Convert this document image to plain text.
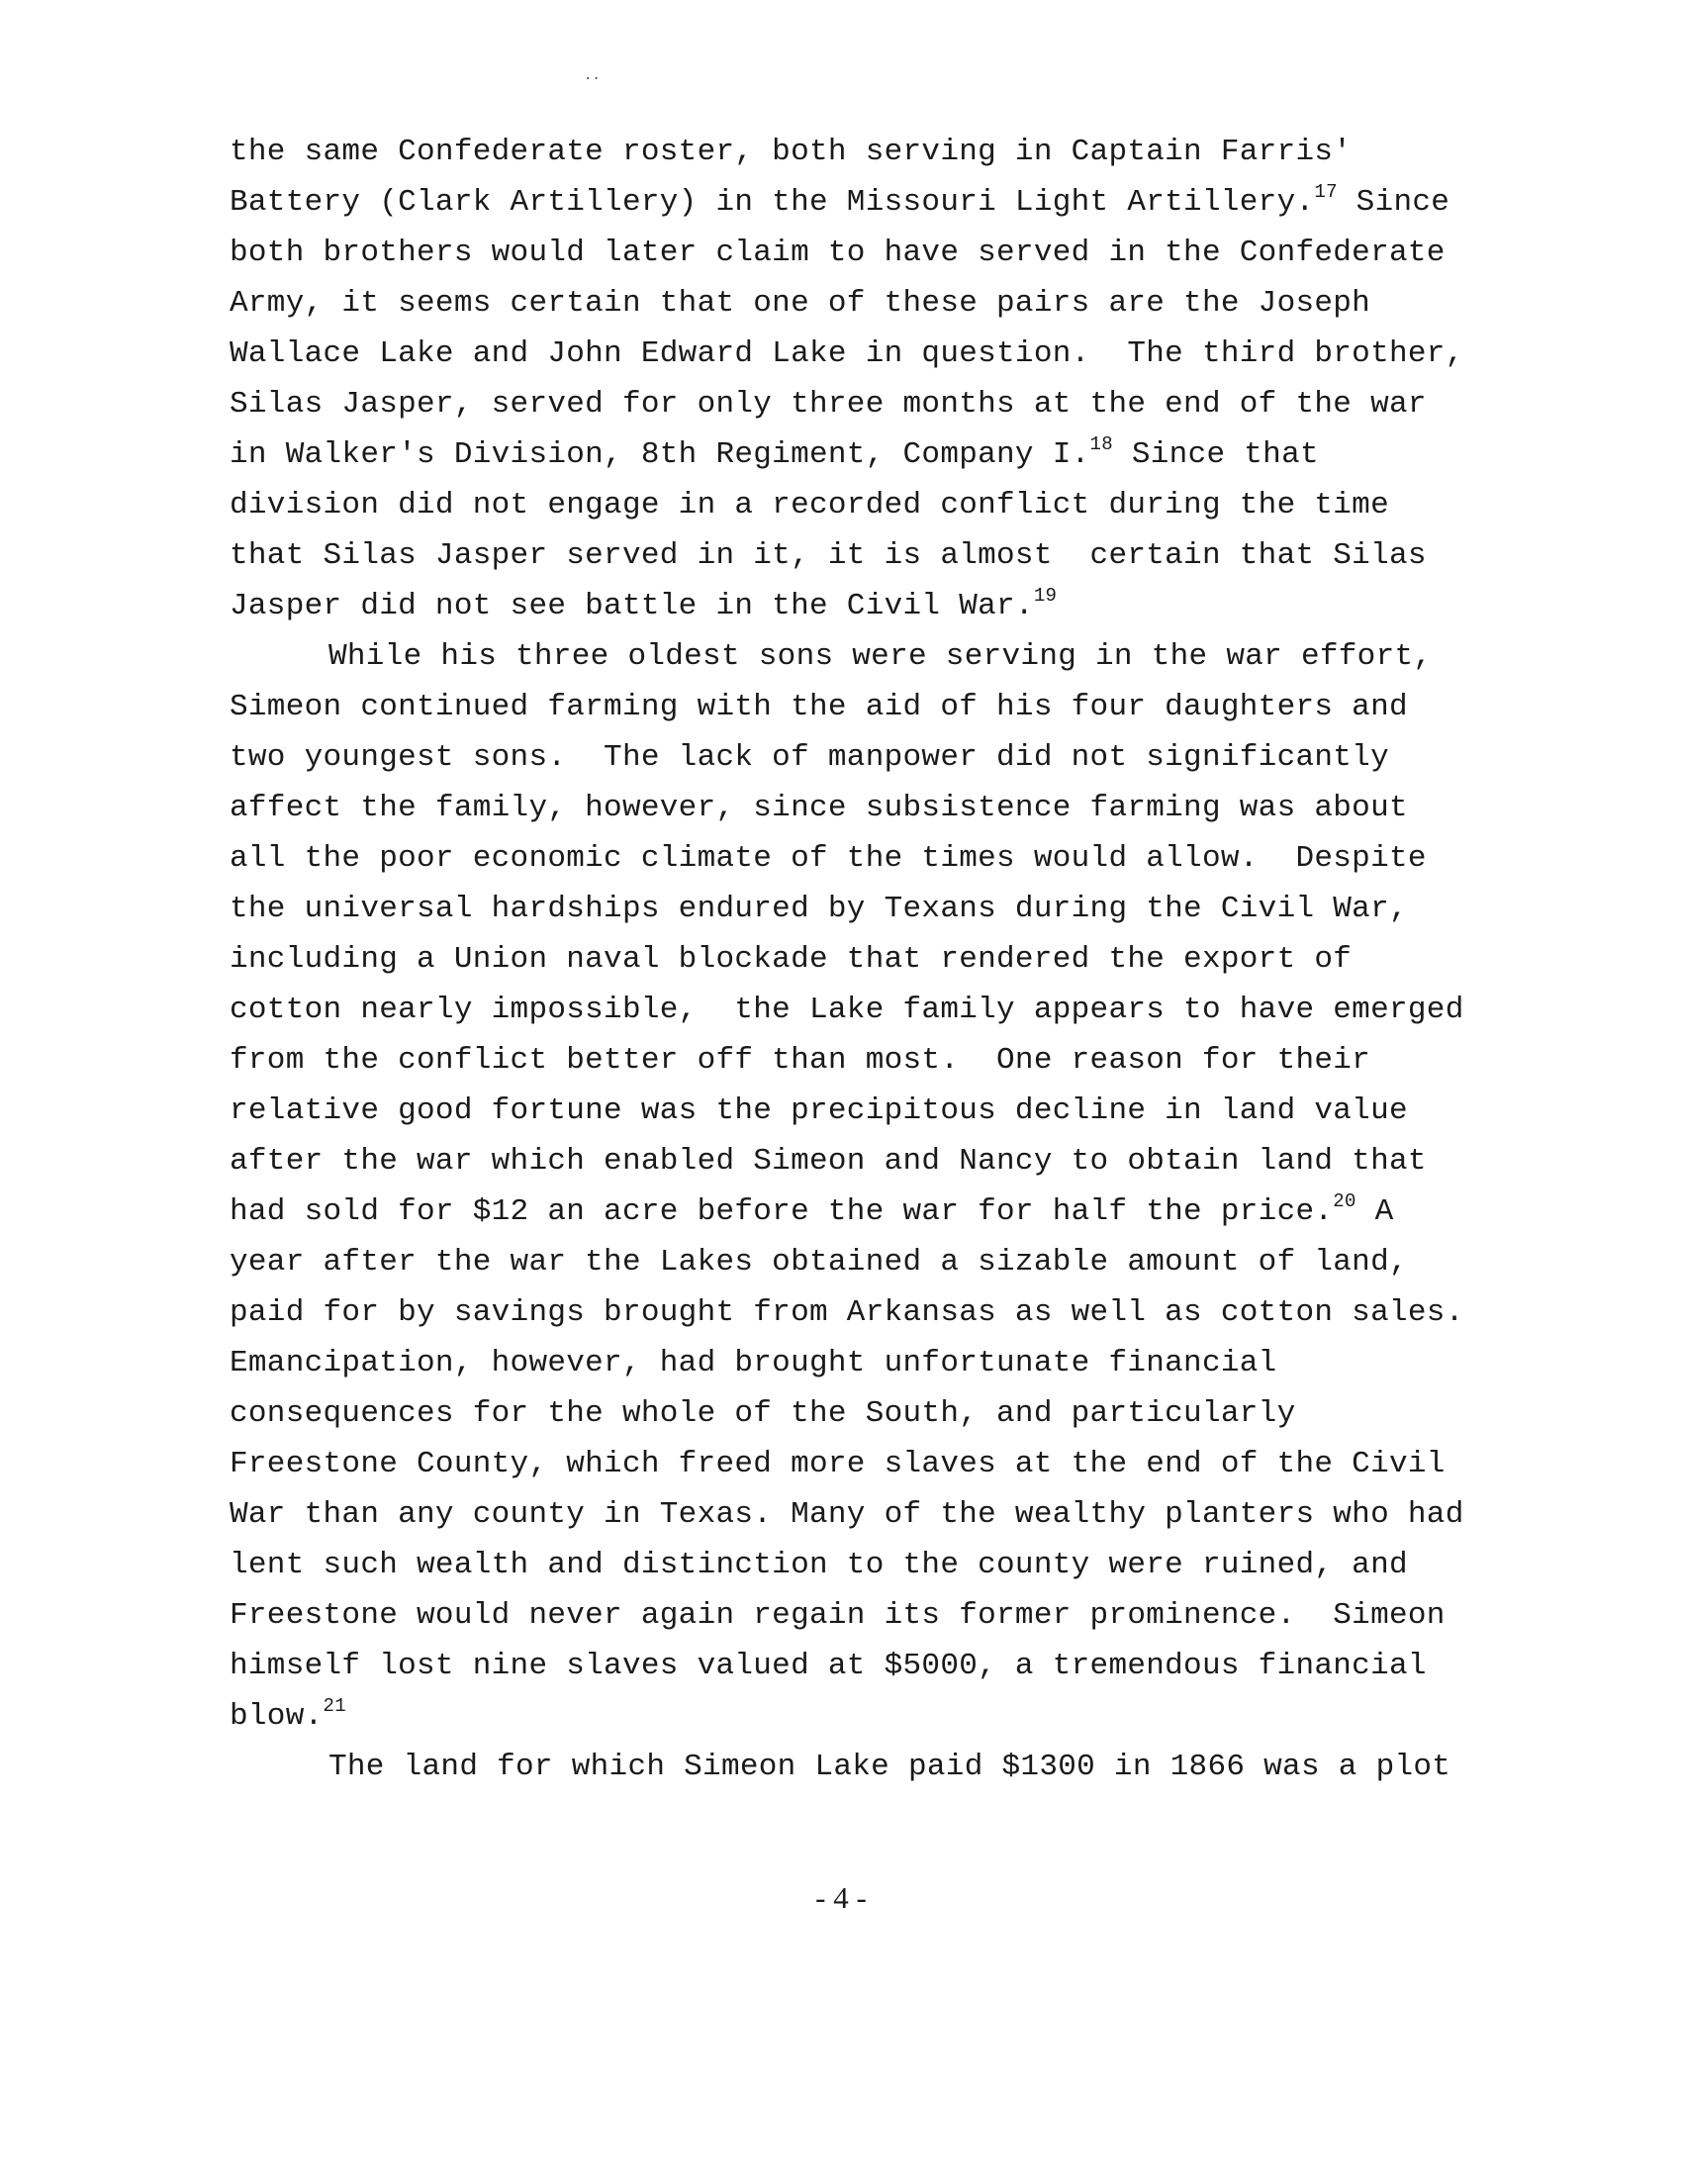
··
the same Confederate roster, both serving in Captain Farris'
Battery (Clark Artillery) in the Missouri Light Artillery.$^{17}$ Since
both brothers would later claim to have served in the Confederate
Army, it seems certain that one of these pairs are the Joseph
Wallace Lake and John Edward Lake in question.  The third brother,
Silas Jasper, served for only three months at the end of the war
in Walker's Division, 8th Regiment, Company I.$^{18}$ Since that
division did not engage in a recorded conflict during the time
that Silas Jasper served in it, it is almost  certain that Silas
Jasper did not see battle in the Civil War.$^{19}$
While his three oldest sons were serving in the war effort,
Simeon continued farming with the aid of his four daughters and
two youngest sons.  The lack of manpower did not significantly
affect the family, however, since subsistence farming was about
all the poor economic climate of the times would allow.  Despite
the universal hardships endured by Texans during the Civil War,
including a Union naval blockade that rendered the export of
cotton nearly impossible,  the Lake family appears to have emerged
from the conflict better off than most.  One reason for their
relative good fortune was the precipitous decline in land value
after the war which enabled Simeon and Nancy to obtain land that
had sold for $12 an acre before the war for half the price.$^{20}$ A
year after the war the Lakes obtained a sizable amount of land,
paid for by savings brought from Arkansas as well as cotton sales.
Emancipation, however, had brought unfortunate financial
consequences for the whole of the South, and particularly
Freestone County, which freed more slaves at the end of the Civil
War than any county in Texas. Many of the wealthy planters who had
lent such wealth and distinction to the county were ruined, and
Freestone would never again regain its former prominence.  Simeon
himself lost nine slaves valued at $5000, a tremendous financial
blow.$^{21}$
The land for which Simeon Lake paid $1300 in 1866 was a plot
- 4 -
